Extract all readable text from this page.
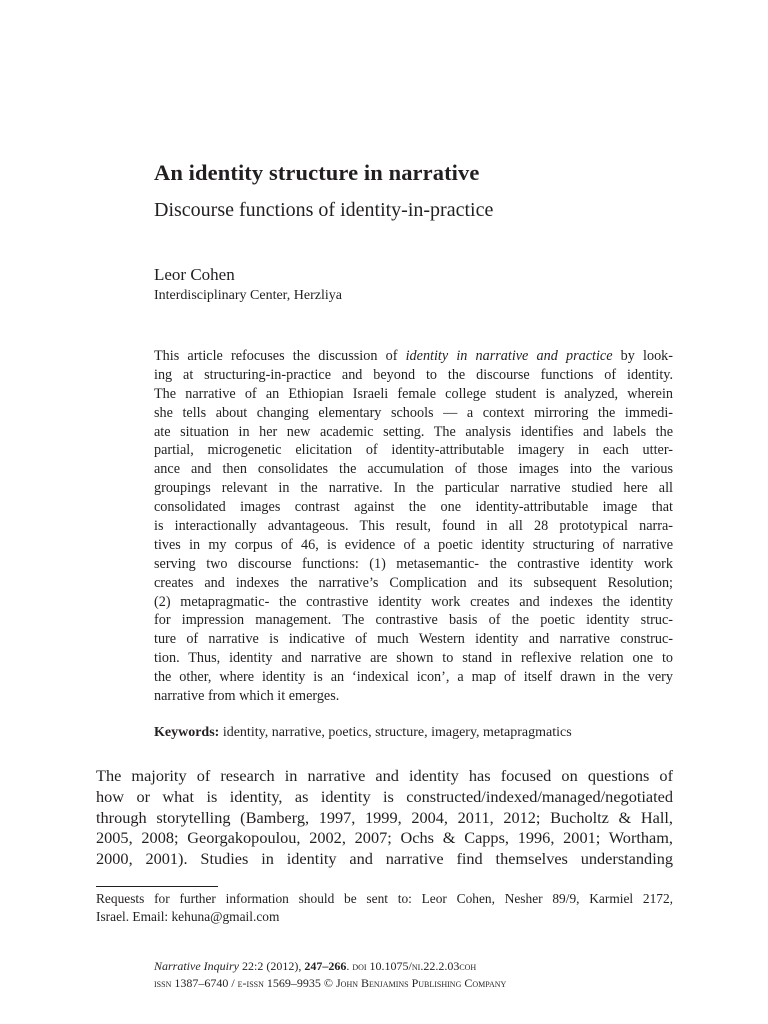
An identity structure in narrative
Discourse functions of identity-in-practice
Leor Cohen
Interdisciplinary Center, Herzliya
This article refocuses the discussion of identity in narrative and practice by look-
ing at structuring-in-practice and beyond to the discourse functions of identity.
The narrative of an Ethiopian Israeli female college student is analyzed, wherein
she tells about changing elementary schools — a context mirroring the immedi-
ate situation in her new academic setting. The analysis identifies and labels the
partial, microgenetic elicitation of identity-attributable imagery in each utter-
ance and then consolidates the accumulation of those images into the various
groupings relevant in the narrative. In the particular narrative studied here all
consolidated images contrast against the one identity-attributable image that
is interactionally advantageous. This result, found in all 28 prototypical narra-
tives in my corpus of 46, is evidence of a poetic identity structuring of narrative
serving two discourse functions: (1) metasemantic- the contrastive identity work
creates and indexes the narrative’s Complication and its subsequent Resolution;
(2) metapragmatic- the contrastive identity work creates and indexes the identity
for impression management. The contrastive basis of the poetic identity struc-
ture of narrative is indicative of much Western identity and narrative construc-
tion. Thus, identity and narrative are shown to stand in reflexive relation one to
the other, where identity is an ‘indexical icon’, a map of itself drawn in the very
narrative from which it emerges.
Keywords: identity, narrative, poetics, structure, imagery, metapragmatics
The majority of research in narrative and identity has focused on questions of
how or what is identity, as identity is constructed/indexed/managed/negotiated
through storytelling (Bamberg, 1997, 1999, 2004, 2011, 2012; Bucholtz & Hall,
2005, 2008; Georgakopoulou, 2002, 2007; Ochs & Capps, 1996, 2001; Wortham,
2000, 2001). Studies in identity and narrative find themselves understanding
Requests for further information should be sent to: Leor Cohen, Nesher 89/9, Karmiel 2172,
Israel. Email: kehuna@gmail.com
Narrative Inquiry 22:2 (2012), 247–266. doi 10.1075/ni.22.2.03coh
issn 1387–6740 / e-issn 1569–9935 © John Benjamins Publishing Company
